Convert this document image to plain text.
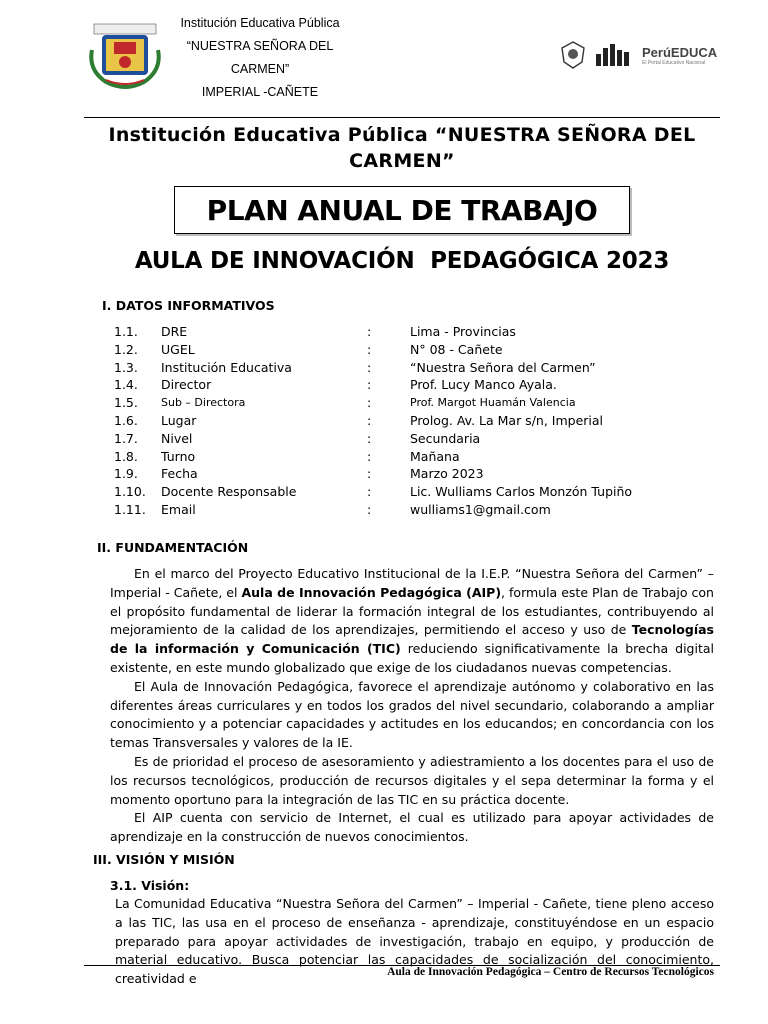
Institución Educativa Pública
“NUESTRA SEÑORA DEL CARMEN”
IMPERIAL -CAÑETE
PerúEDUCA
El Portal Educativo Nacional
Institución Educativa Pública “NUESTRA SEÑORA DEL
CARMEN”
PLAN ANUAL DE TRABAJO
AULA DE INNOVACIÓN  PEDAGÓGICA 2023
I. DATOS INFORMATIVOS
1.1.	DRE	:	Lima - Provincias
1.2.	UGEL	:	N° 08 - Cañete
1.3.	Institución Educativa	:	“Nuestra Señora del Carmen”
1.4.	Director	:	Prof. Lucy Manco Ayala.
1.5.	Sub – Directora	:	Prof. Margot Huamán Valencia
1.6.	Lugar	:	Prolog. Av. La Mar s/n, Imperial
1.7.	Nivel	:	Secundaria
1.8.	Turno	:	Mañana
1.9.	Fecha	:	Marzo 2023
1.10.	Docente Responsable	:	Lic. Wulliams Carlos Monzón Tupiño
1.11.	Email	:	wulliams1@gmail.com
II. FUNDAMENTACIÓN

En el marco del Proyecto Educativo Institucional de la I.E.P. “Nuestra Señora del Carmen” – Imperial - Cañete, el Aula de Innovación Pedagógica (AIP), formula este Plan de Trabajo con el propósito fundamental de liderar la formación integral de los estudiantes, contribuyendo al mejoramiento de la calidad de los aprendizajes, permitiendo el acceso y uso de Tecnologías de la información y Comunicación (TIC) reduciendo significativamente la brecha digital existente, en este mundo globalizado que exige de los ciudadanos nuevas competencias.

El Aula de Innovación Pedagógica, favorece el aprendizaje autónomo y colaborativo en las diferentes áreas curriculares y en todos los grados del nivel secundario, colaborando a ampliar conocimiento y a potenciar capacidades y actitudes en los educandos; en concordancia con los temas Transversales y valores de la IE.

Es de prioridad el proceso de asesoramiento y adiestramiento a los docentes para el uso de los recursos tecnológicos, producción de recursos digitales y el sepa determinar la forma y el momento oportuno para la integración de las TIC en su práctica docente.

El AIP cuenta con servicio de Internet, el cual es utilizado para apoyar actividades de aprendizaje en la construcción de nuevos conocimientos.

III. VISIÓN Y MISIÓN
3.1. Visión:
La Comunidad Educativa “Nuestra Señora del Carmen” – Imperial - Cañete, tiene pleno acceso a las TIC, las usa en el proceso de enseñanza - aprendizaje, constituyéndose en un espacio preparado para apoyar actividades de investigación, trabajo en equipo, y producción de material educativo. Busca potenciar las capacidades de socialización del conocimiento, creatividad e	Aula de Innovación Pedagógica – Centro de Recursos Tecnológicos
